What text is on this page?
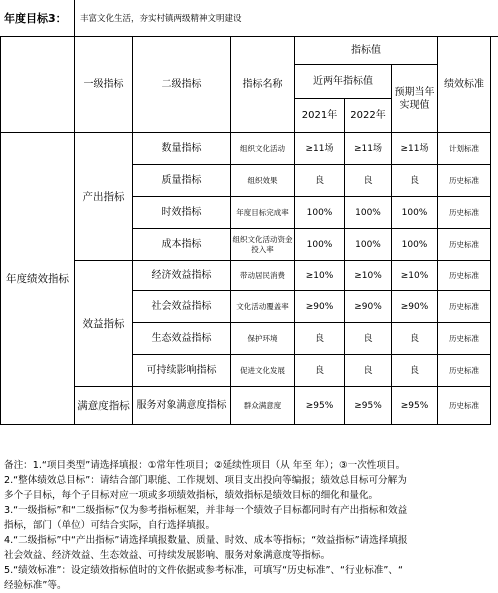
年度目标3： 丰富文化生活，夯实村镇两级精神文明建设
	一级指标	二级指标	指标名称	指标值			绩效标准
				近两年指标值		预期当年实现值	
				2021年	2022年		
年度绩效指标	产出指标	数量指标	组织文化活动	≥11场	≥11场	≥11场	计划标准
		质量指标	组织效果	良	良	良	历史标准
		时效指标	年度目标完成率	100%	100%	100%	历史标准
		成本指标	组织文化活动资金投入率	100%	100%	100%	历史标准
	效益指标	经济效益指标	带动居民消费	≥10%	≥10%	≥10%	历史标准
		社会效益指标	文化活动覆盖率	≥90%	≥90%	≥90%	历史标准
		生态效益指标	保护环境	良	良	良	历史标准
		可持续影响指标	促进文化发展	良	良	良	历史标准
	满意度指标	服务对象满意度指标	群众满意度	≥95%	≥95%	≥95%	历史标准

备注：1.“项目类型”请选择填报：①常年性项目；②延续性项目（从 年至 年）；③一次性项目。

2.“整体绩效总目标”：请结合部门职能、工作规划、项目支出投向等编报；绩效总目标可分解为

多个子目标，每个子目标对应一项或多项绩效指标，绩效指标是绩效目标的细化和量化。

3.“一级指标”和“二级指标”仅为参考指标框架，并非每一个绩效子目标都同时有产出指标和效益

指标，部门（单位）可结合实际，自行选择填报。

4.“二级指标”中“产出指标”请选择填报数量、质量、时效、成本等指标；“效益指标”请选择填报

社会效益、经济效益、生态效益、可持续发展影响、服务对象满意度等指标。

5.“绩效标准”：设定绩效指标值时的文件依据或参考标准，可填写“历史标准”、“行业标准”、“

经验标准”等。
